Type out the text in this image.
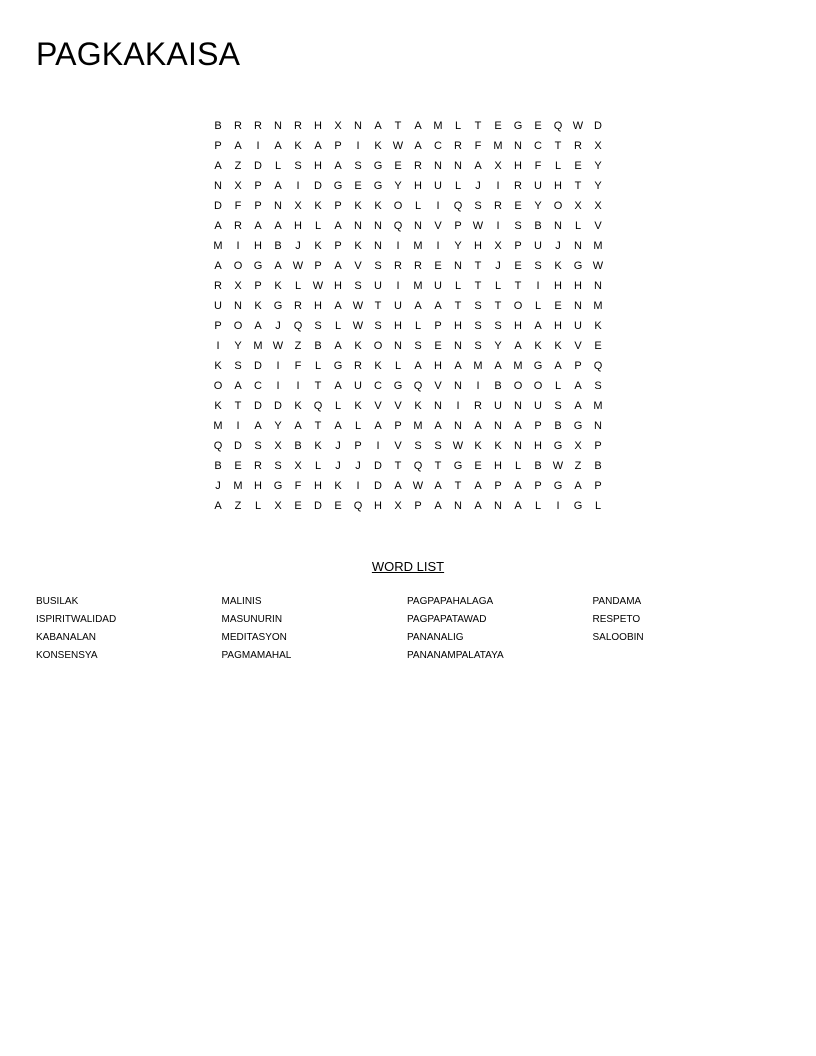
PAGKAKAISA
B	R	R	N	R	H	X	N	A	T	A	M	L	T	E	G	E	Q W D
P	A	I	A	K	A	P	I	K	W	A	C	R	F	M	N	C	T	R	X
A	Z	D	L	S	H	A	S	G	E	R	N	N	A	X	H	F	L	E	Y
N	X	P	A	I	D	G	E	G	Y	H	U	L	J	I	R	U	H	T	Y
D	F	P	N	X	K	P	K	K	O	L	I	Q	S	R	E	Y	O	X	X
A	R	A	A	H	L	A	N	N	Q	N	V	P	W	I	S	B	N	L	V
M	I	H	B	J	K	P	K	N	I	M	I	Y	H	X	P	U	J	N	M
A	O	G	A	W	P	A	V	S	R	R	E	N	T	J	E	S	K	G W
R	X	P	K	L	W H	S	U	I	M	U	L	T	L	T	I	H	H	N
U	N	K	G	R	H	A	W	T	U	A	A	T	S	T	O	L	E	N	M
P	O	A	J	Q	S	L	W	S	H	L	P	H	S	S	H	A	H	U	K
I	Y	M W	Z	B	A	K	O	N	S	E	N	S	Y	A	K	K	V	E
K	S	D	I	F	L	G	R	K	L	A	H	A	M	A	M	G	A	P	Q
O	A	C	I	I	T	A	U	C	G	Q	V	N	I	B	O	O	L	A	S
K	T	D	D	K	Q	L	K	V	V	K	N	I	R	U	N	U	S	A	M
M	I	A	Y	A	T	A	L	A	P	M	A	N	A	N	A	P	B	G	N
Q	D	S	X	B	K	J	P	I	V	S	S	W	K	K	N	H	G	X	P
B	E	R	S	X	L	J	J	D	T	Q	T	G	E	H	L	B	W	Z	B
J	M	H	G	F	H	K	I	D	A	W	A	T	A	P	A	P	G	A	P
A	Z	L	X	E	D	E	Q	H	X	P	A	N	A	N	A	L	I	G	L
WORD LIST
BUSILAK
ISPIRITWALIDAD
KABANALAN
KONSENSYA
MALINIS
MASUNURIN
MEDITASYON
PAGMAMAHAL
PAGPAPAHALAGA
PAGPAPATAWAD
PANANALIG
PANANAMPALATAYA
PANDAMA
RESPETO
SALOOBIN
